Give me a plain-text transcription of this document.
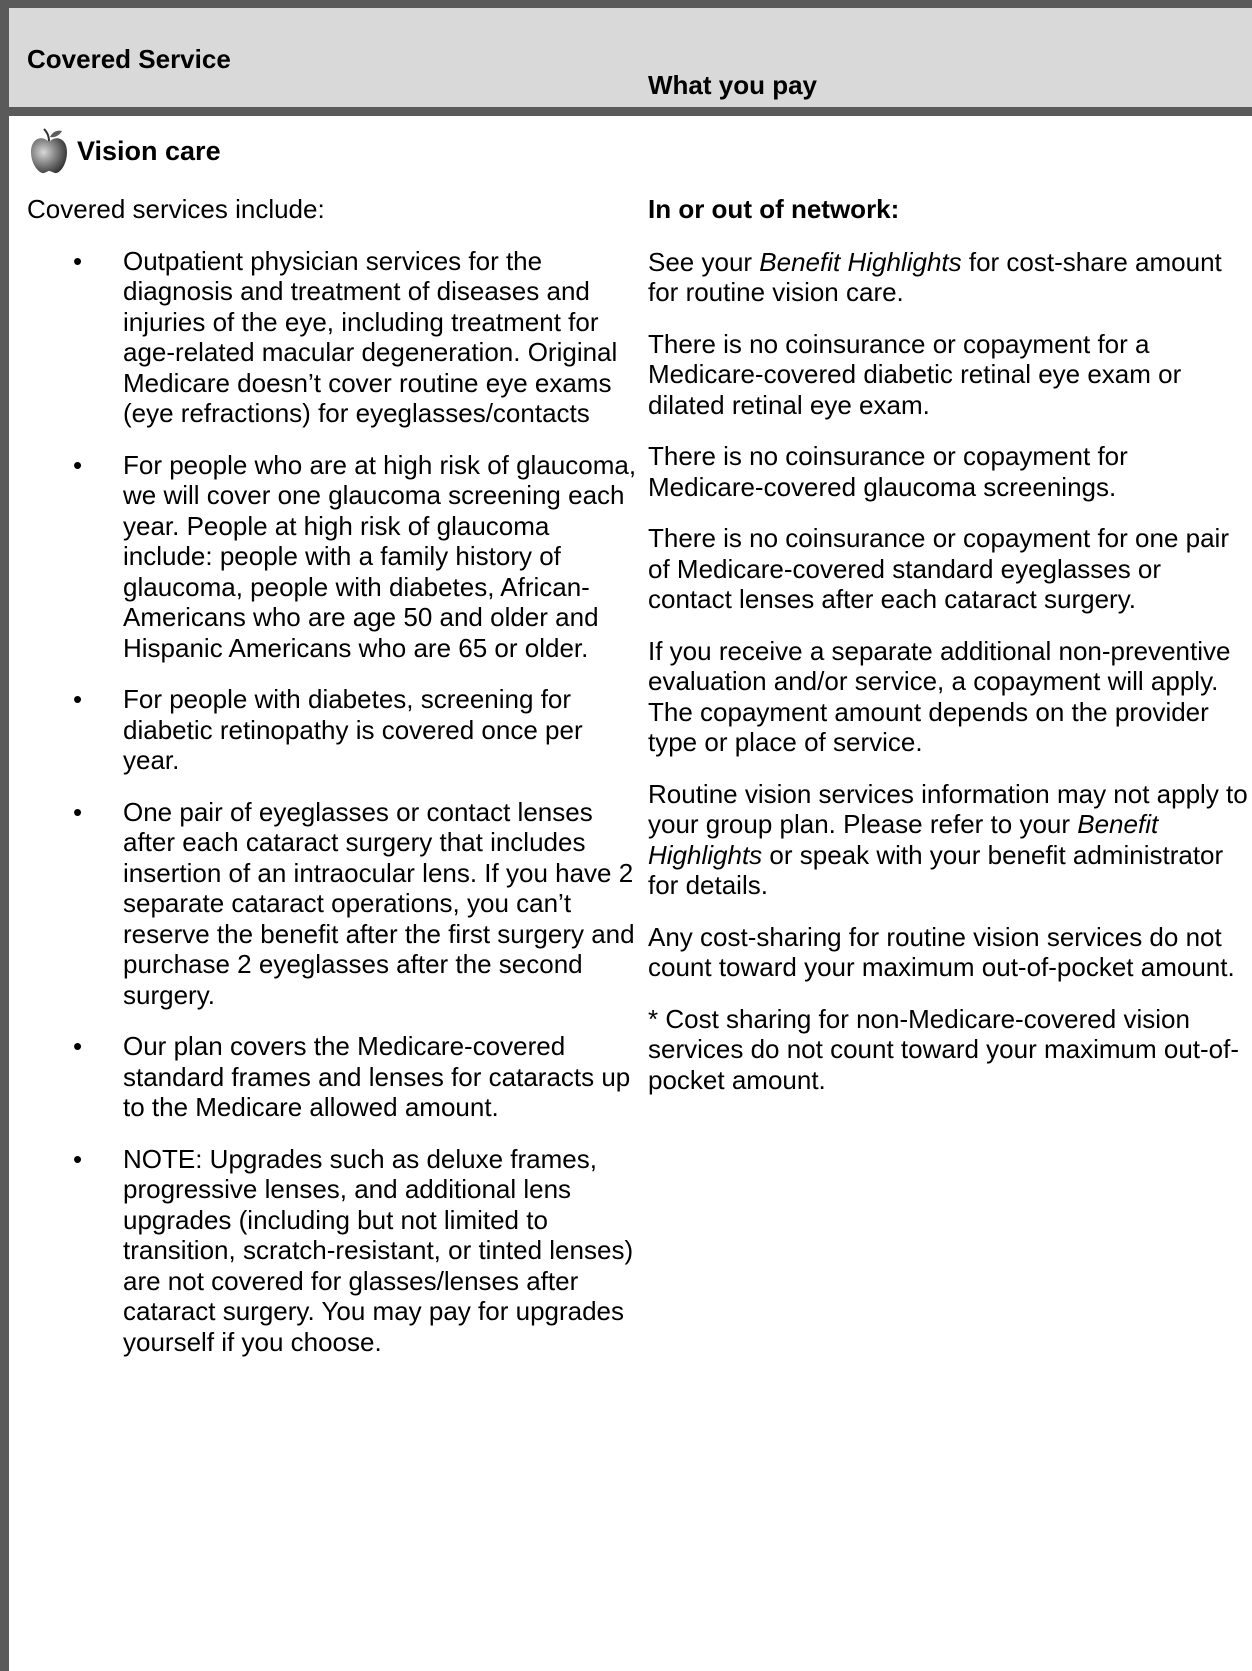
Covered Service
What you pay
Vision care

Covered services include:

• Outpatient physician services for the diagnosis and treatment of diseases and injuries of the eye, including treatment for age-related macular degeneration. Original Medicare doesn’t cover routine eye exams (eye refractions) for eyeglasses/contacts
• For people who are at high risk of glaucoma, we will cover one glaucoma screening each year. People at high risk of glaucoma include: people with a family history of glaucoma, people with diabetes, African-Americans who are age 50 and older and Hispanic Americans who are 65 or older.
• For people with diabetes, screening for diabetic retinopathy is covered once per year.
• One pair of eyeglasses or contact lenses after each cataract surgery that includes insertion of an intraocular lens. If you have 2 separate cataract operations, you can’t reserve the benefit after the first surgery and purchase 2 eyeglasses after the second surgery.
• Our plan covers the Medicare-covered standard frames and lenses for cataracts up to the Medicare allowed amount.
• NOTE: Upgrades such as deluxe frames, progressive lenses, and additional lens upgrades (including but not limited to transition, scratch-resistant, or tinted lenses) are not covered for glasses/lenses after cataract surgery. You may pay for upgrades yourself if you choose.

In or out of network:

See your Benefit Highlights for cost-share amount for routine vision care.

There is no coinsurance or copayment for a Medicare-covered diabetic retinal eye exam or dilated retinal eye exam.

There is no coinsurance or copayment for Medicare-covered glaucoma screenings.

There is no coinsurance or copayment for one pair of Medicare-covered standard eyeglasses or contact lenses after each cataract surgery.

If you receive a separate additional non-preventive evaluation and/or service, a copayment will apply. The copayment amount depends on the provider type or place of service.

Routine vision services information may not apply to your group plan. Please refer to your Benefit Highlights or speak with your benefit administrator for details.

Any cost-sharing for routine vision services do not count toward your maximum out-of-pocket amount.

* Cost sharing for non-Medicare-covered vision services do not count toward your maximum out-of-pocket amount.
